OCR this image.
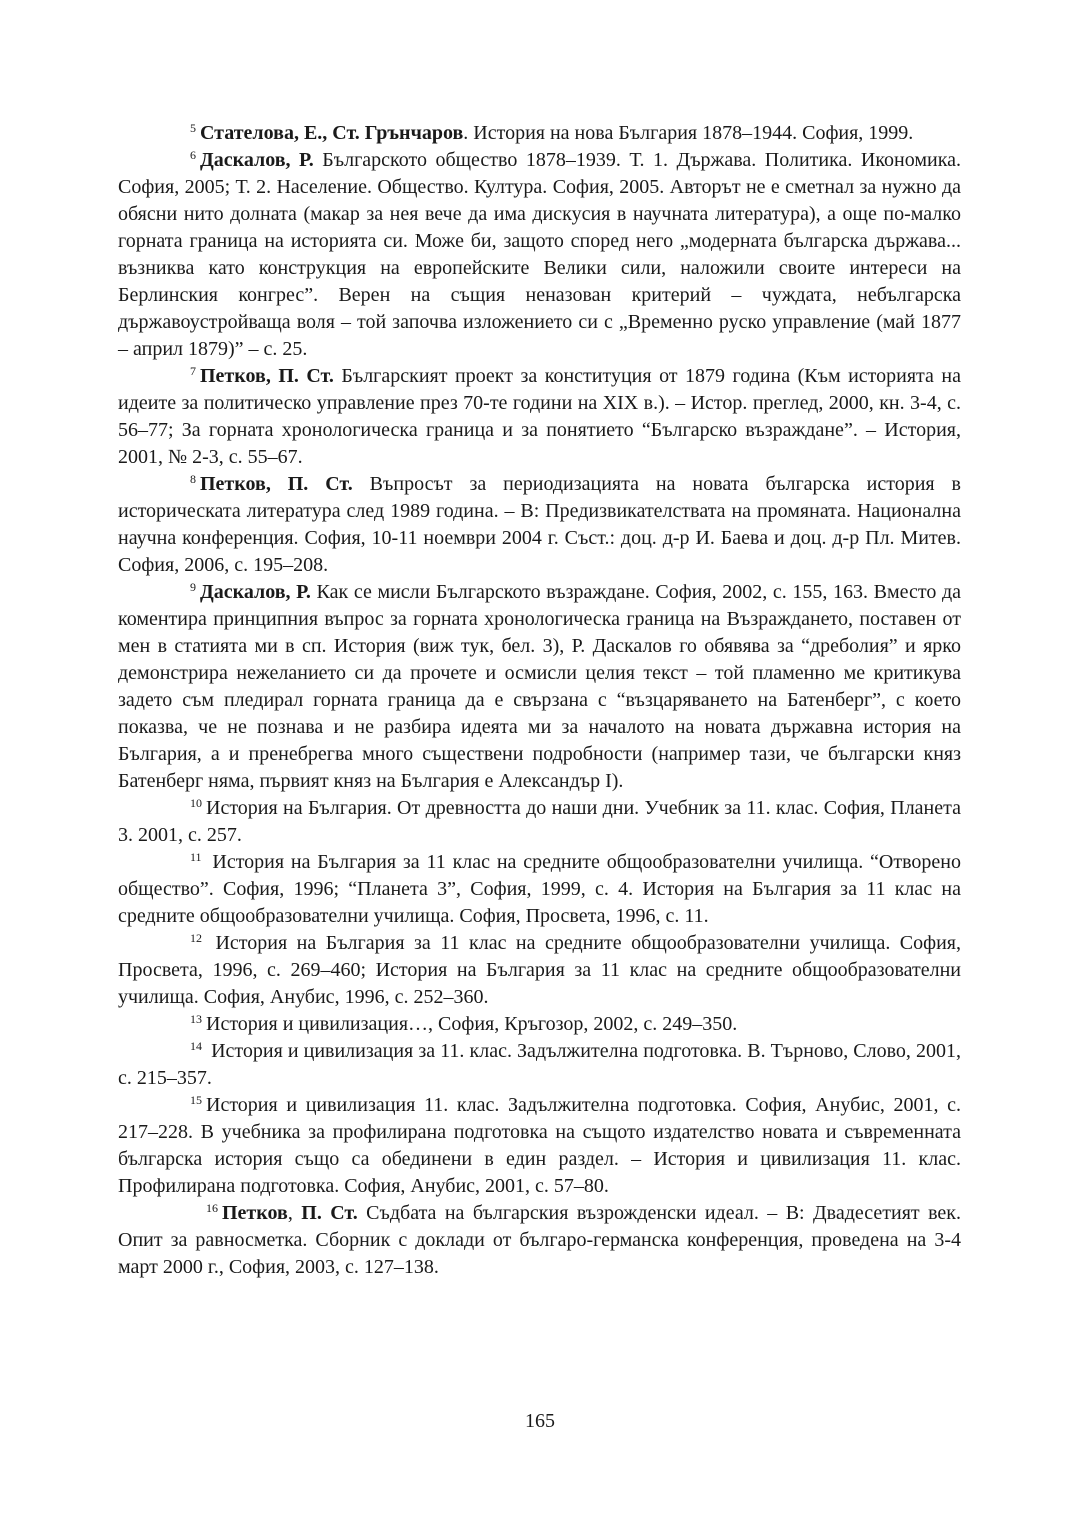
$^5$ Стателова, Е., Ст. Грънчаров. История на нова България 1878–1944. София, 1999.

$^6$ Даскалов, Р. Българското общество 1878–1939. Т. 1. Държава. Политика. Икономика. София, 2005; Т. 2. Население. Общество. Култура. София, 2005. Авторът не е сметнал за нужно да обясни нито долната (макар за нея вече да има дискусия в научната литература), а още по-малко горната граница на историята си. Може би, защото според него „модерната българска държава... възниква като конструкция на европейските Велики сили, наложили своите интереси на Берлинския конгрес”. Верен на същия неназован критерий – чуждата, небългарска държавоустройваща воля – той започва изложението си с „Временно руско управление (май 1877 – април 1879)” – с. 25.

$^7$ Петков, П. Ст. Българският проект за конституция от 1879 година (Към историята на идеите за политическо управление през 70-те години на XIX в.). – Истор. преглед, 2000, кн. 3-4, с. 56–77; За горната хронологическа граница и за понятието “Българско възраждане”. – История, 2001, № 2-3, с. 55–67.

$^8$ Петков, П. Ст. Въпросът за периодизацията на новата българска история в историческата литература след 1989 година. – В: Предизвикателствата на промяната. Национална научна конференция. София, 10-11 ноември 2004 г. Съст.: доц. д-р И. Баева и доц. д-р Пл. Митев. София, 2006, с. 195–208.

$^9$ Даскалов, Р. Как се мисли Българското възраждане. София, 2002, с. 155, 163. Вместо да коментира принципния въпрос за горната хронологическа граница на Възраждането, поставен от мен в статията ми в сп. История (виж тук, бел. 3), Р. Даскалов го обявява за “дреболия” и ярко демонстрира нежеланието си да прочете и осмисли целия текст – той пламенно ме критикува задето съм пледирал горната граница да е свързана с “възцаряването на Батенберг”, с което показва, че не познава и не разбира идеята ми за началото на новата държавна история на България, а и пренебрегва много съществени подробности (например тази, че български княз Батенберг няма, първият княз на България е Александър I).

$^{10}$ История на България. От древността до наши дни. Учебник за 11. клас. София, Планета 3. 2001, с. 257.

$^{11}$ История на България за 11 клас на средните общообразователни училища. “Отворено общество”. София, 1996; “Планета 3”, София, 1999, с. 4. История на България за 11 клас на средните общообразователни училища. София, Просвета, 1996, с. 11.

$^{12}$ История на България за 11 клас на средните общообразователни училища. София, Просвета, 1996, с. 269–460; История на България за 11 клас на средните общообразователни училища. София, Анубис, 1996, с. 252–360.

$^{13}$ История и цивилизация…, София, Кръгозор, 2002, с. 249–350.

$^{14}$ История и цивилизация за 11. клас. Задължителна подготовка. В. Търново, Слово, 2001, с. 215–357.

$^{15}$ История и цивилизация 11. клас. Задължителна подготовка. София, Анубис, 2001, с. 217–228. В учебника за профилирана подготовка на същото издателство новата и съвременната българска история също са обединени в един раздел. – История и цивилизация 11. клас. Профилирана подготовка. София, Анубис, 2001, с. 57–80.

$^{16}$ Петков, П. Ст. Съдбата на българския възрожденски идеал. – В: Двадесетият век. Опит за равносметка. Сборник с доклади от българо-германска конференция, проведена на 3-4 март 2000 г., София, 2003, с. 127–138.

165
